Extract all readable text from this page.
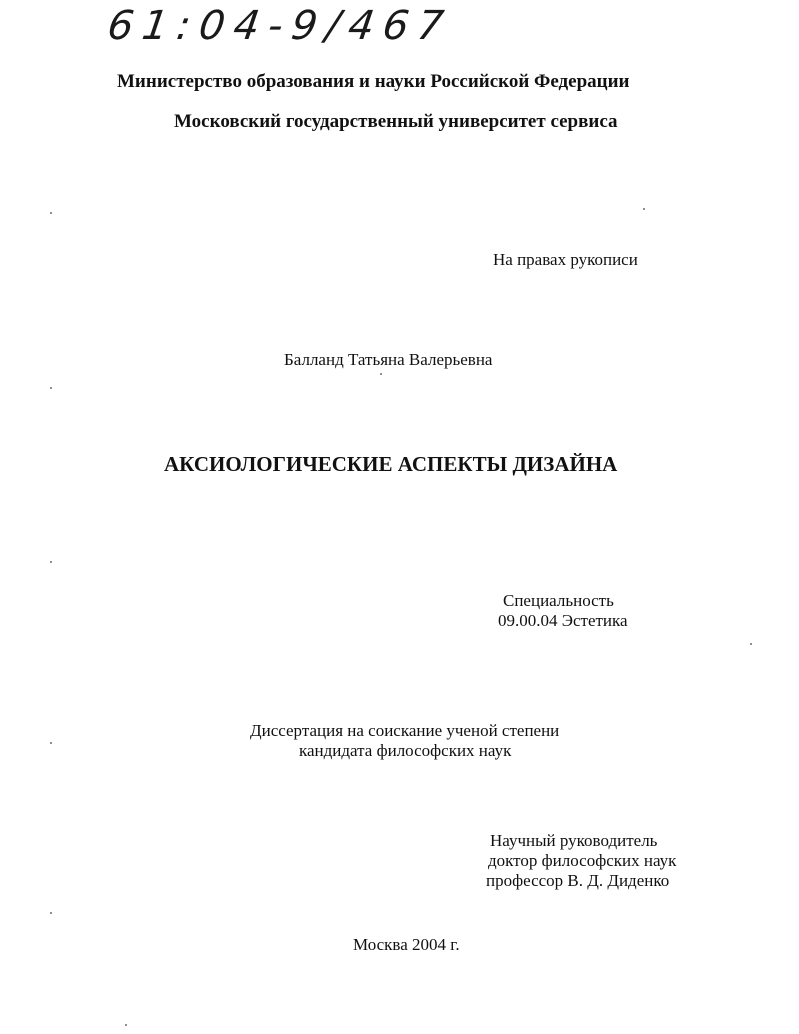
61:04-9/467
Министерство образования и науки Российской Федерации
Московский государственный университет сервиса
На правах рукописи
Балланд Татьяна Валерьевна
АКСИОЛОГИЧЕСКИЕ АСПЕКТЫ ДИЗАЙНА
Специальность
09.00.04 Эстетика
Диссертация на соискание ученой степени
кандидата философских наук
Научный руководитель
доктор философских наук
профессор В. Д. Диденко
Москва 2004 г.
